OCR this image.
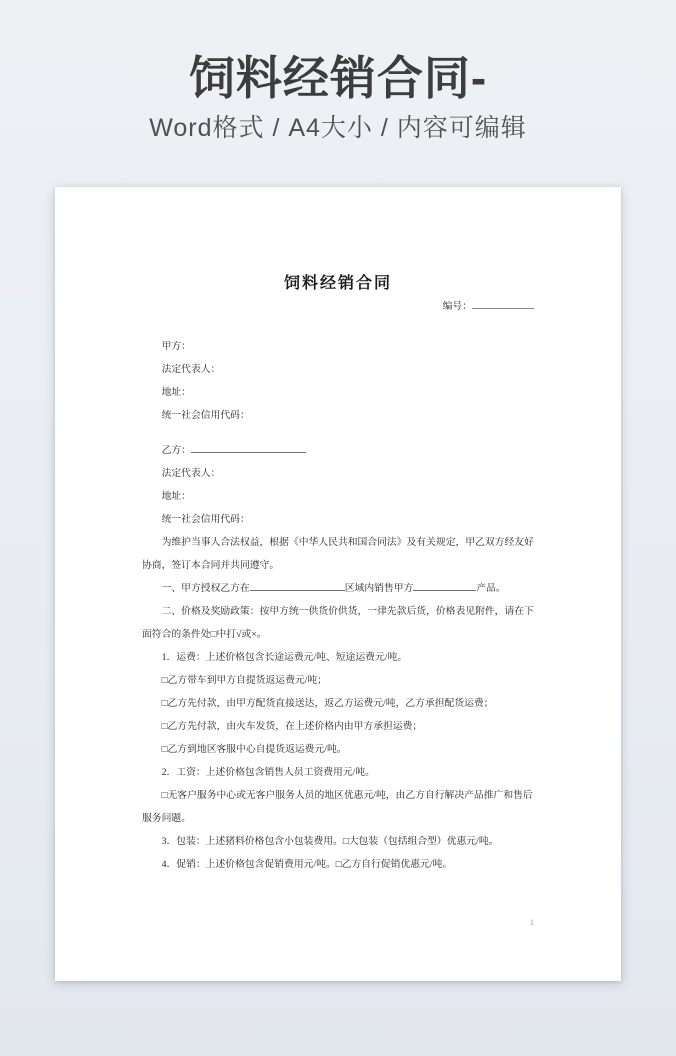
饲料经销合同-
Word格式 / A4大小 / 内容可编辑
饲料经销合同

编号：

甲方：

法定代表人：

地址：

统一社会信用代码：

乙方：

法定代表人：

地址：

统一社会信用代码：

为维护当事人合法权益，根据《中华人民共和国合同法》及有关规定，甲乙双方经友好协商，签订本合同并共同遵守。

一、甲方授权乙方在	区域内销售甲方	产品。

二、价格及奖励政策：按甲方统一供货价供货，一律先款后货，价格表见附件，请在下面符合的条件处□中打√或×。

1．运费：上述价格包含长途运费元/吨、短途运费元/吨。

□乙方带车到甲方自提货返运费元/吨；

□乙方先付款，由甲方配货直接送达，返乙方运费元/吨，乙方承担配货运费；

□乙方先付款，由火车发货，在上述价格内由甲方承担运费；

□乙方到地区客服中心自提货返运费元/吨。

2．工资：上述价格包含销售人员工资费用元/吨。

□无客户服务中心或无客户服务人员的地区优惠元/吨，由乙方自行解决产品推广和售后服务问题。

3．包装：上述猪料价格包含小包装费用。□大包装（包括组合型）优惠元/吨。

4．促销：上述价格包含促销费用元/吨。□乙方自行促销优惠元/吨。

1
